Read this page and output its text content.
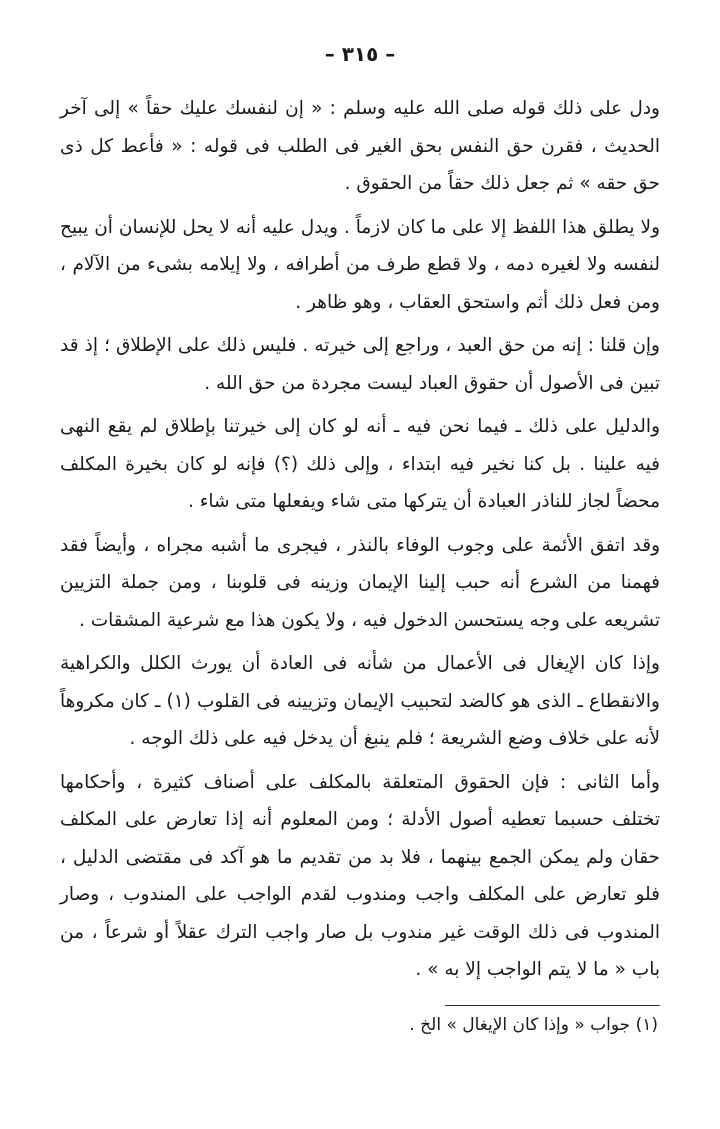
– ٣١٥ –

ودل على ذلك قوله صلى الله عليه وسلم : « إن لنفسك عليك حقاً » إلى آخر الحديث ، فقرن حق النفس بحق الغير فى الطلب فى قوله : « فأعط كل ذى حق حقه » ثم جعل ذلك حقاً من الحقوق .

ولا يطلق هذا اللفظ إلا على ما كان لازماً . ويدل عليه أنه لا يحل للإنسان أن يبيح لنفسه ولا لغيره دمه ، ولا قطع طرف من أطرافه ، ولا إيلامه بشىء من الآلام ، ومن فعل ذلك أثم واستحق العقاب ، وهو ظاهر .

وإن قلنا : إنه من حق العبد ، وراجع إلى خيرته . فليس ذلك على الإطلاق ؛ إذ قد تبين فى الأصول أن حقوق العباد ليست مجردة من حق الله .

والدليل على ذلك ـ فيما نحن فيه ـ أنه لو كان إلى خيرتنا بإطلاق لم يقع النهى فيه علينا . بل كنا نخير فيه ابتداء ، وإلى ذلك (؟) فإنه لو كان بخيرة المكلف محضاً لجاز للناذر العبادة أن يتركها متى شاء ويفعلها متى شاء .

وقد اتفق الأئمة على وجوب الوفاء بالنذر ، فيجرى ما أشبه مجراه ، وأيضاً فقد فهمنا من الشرع أنه حبب إلينا الإيمان وزينه فى قلوبنا ، ومن جملة التزيين تشريعه على وجه يستحسن الدخول فيه ، ولا يكون هذا مع شرعية المشقات .

وإذا كان الإيغال فى الأعمال من شأنه فى العادة أن يورث الكلل والكراهية والانقطاع ـ الذى هو كالضد لتحبيب الإيمان وتزيينه فى القلوب (١) ـ كان مكروهاً لأنه على خلاف وضع الشريعة ؛ فلم ينبغ أن يدخل فيه على ذلك الوجه .

وأما الثانى : فإن الحقوق المتعلقة بالمكلف على أصناف كثيرة ، وأحكامها تختلف حسبما تعطيه أصول الأدلة ؛ ومن المعلوم أنه إذا تعارض على المكلف حقان ولم يمكن الجمع بينهما ، فلا بد من تقديم ما هو آكد فى مقتضى الدليل ، فلو تعارض على المكلف واجب ومندوب لقدم الواجب على المندوب ، وصار المندوب فى ذلك الوقت غير مندوب بل صار واجب الترك عقلاً أو شرعاً ، من باب « ما لا يتم الواجب إلا به » .

(١) جواب « وإذا كان الإيغال » الخ .
